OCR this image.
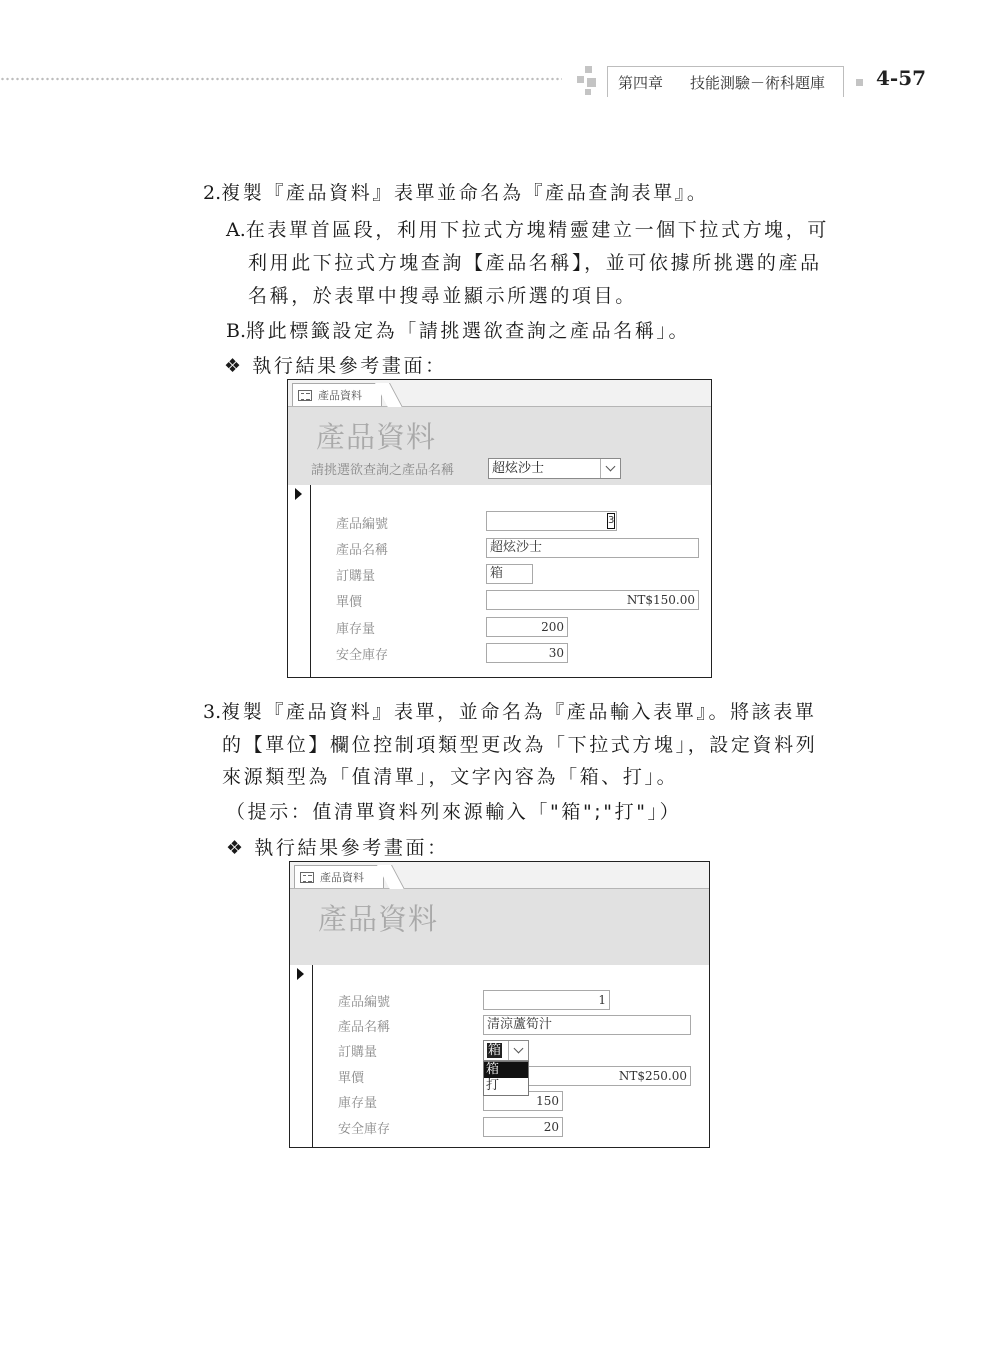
第四章	技能測驗－術科題庫	4-57
2.複製『產品資料』表單並命名為『產品查詢表單』。
A.在表單首區段，利用下拉式方塊精靈建立一個下拉式方塊，可
利用此下拉式方塊查詢【產品名稱】，並可依據所挑選的產品
名稱，於表單中搜尋並顯示所選的項目。
B.將此標籤設定為「請挑選欲查詢之產品名稱」。
❖ 執行結果參考畫面：
產品資料
產品資料
請挑選欲查詢之產品名稱	超炫沙士
產品編號	3
產品名稱	超炫沙士
訂購量	箱
單價	NT$150.00
庫存量	200
安全庫存	30
3.複製『產品資料』表單，並命名為『產品輸入表單』。將該表單
的【單位】欄位控制項類型更改為「下拉式方塊」，設定資料列
來源類型為「值清單」，文字內容為「箱、打」。
（提示：值清單資料列來源輸入「"箱";"打"」）
❖ 執行結果參考畫面：
產品資料
產品資料
產品編號	1
產品名稱	清涼蘆筍汁
訂購量	箱
單價	NT$250.00
庫存量	150
安全庫存	20
箱
打
